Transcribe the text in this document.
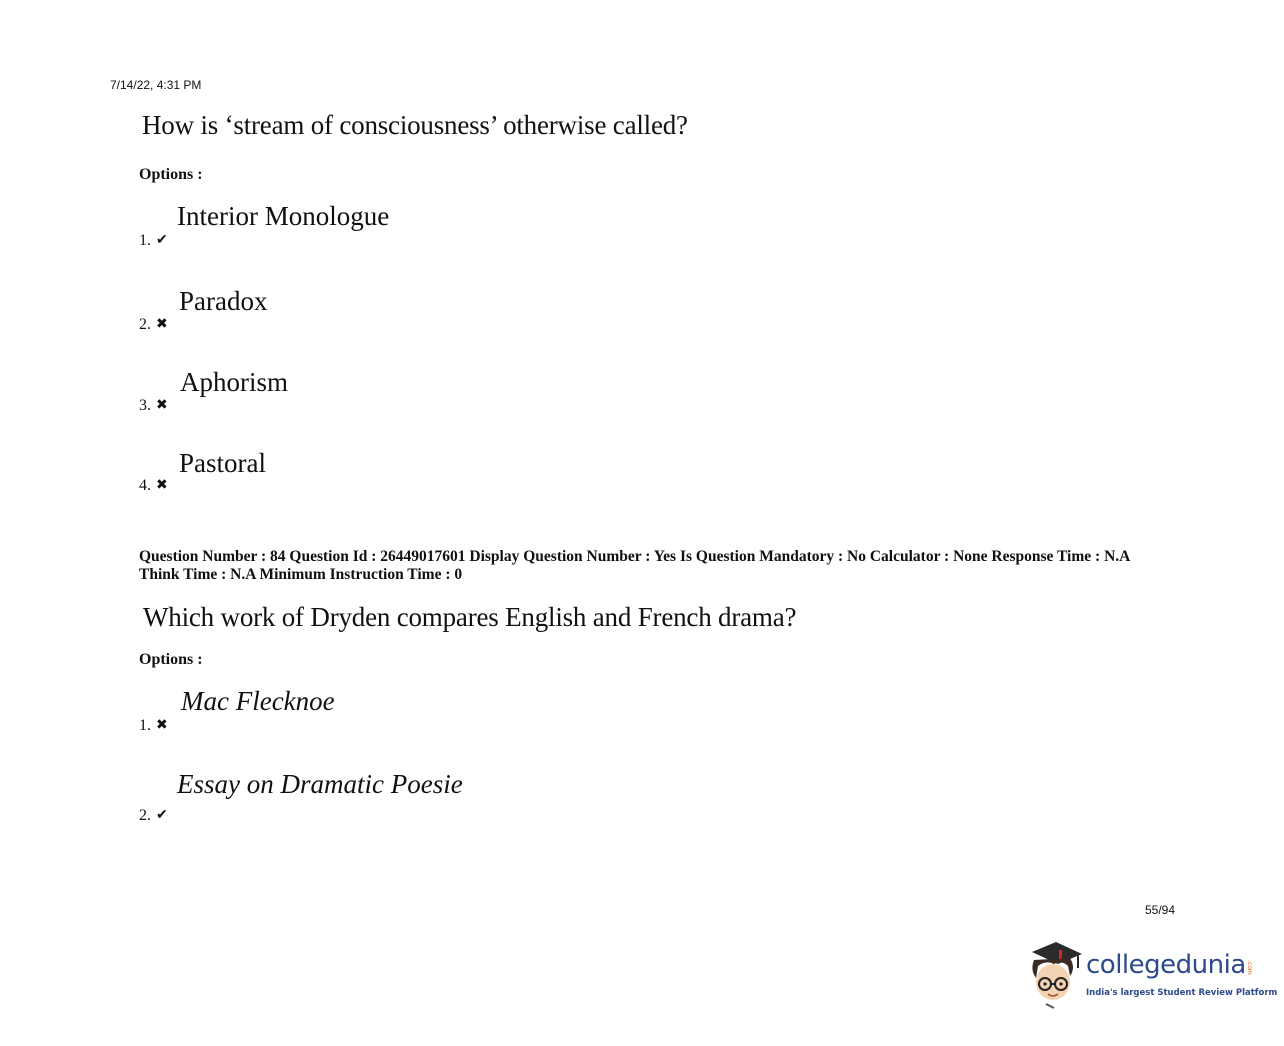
7/14/22, 4:31 PM
How is ‘stream of consciousness’ otherwise called?
Options :
Interior Monologue
1. ✔
Paradox
2. ✖
Aphorism
3. ✖
Pastoral
4. ✖
Question Number : 84 Question Id : 26449017601 Display Question Number : Yes Is Question Mandatory : No Calculator : None Response Time : N.A Think Time : N.A Minimum Instruction Time : 0
Which work of Dryden compares English and French drama?
Options :
Mac Flecknoe
1. ✖
Essay on Dramatic Poesie
2. ✔
55/94
collegedunia .com
India's largest Student Review Platform
